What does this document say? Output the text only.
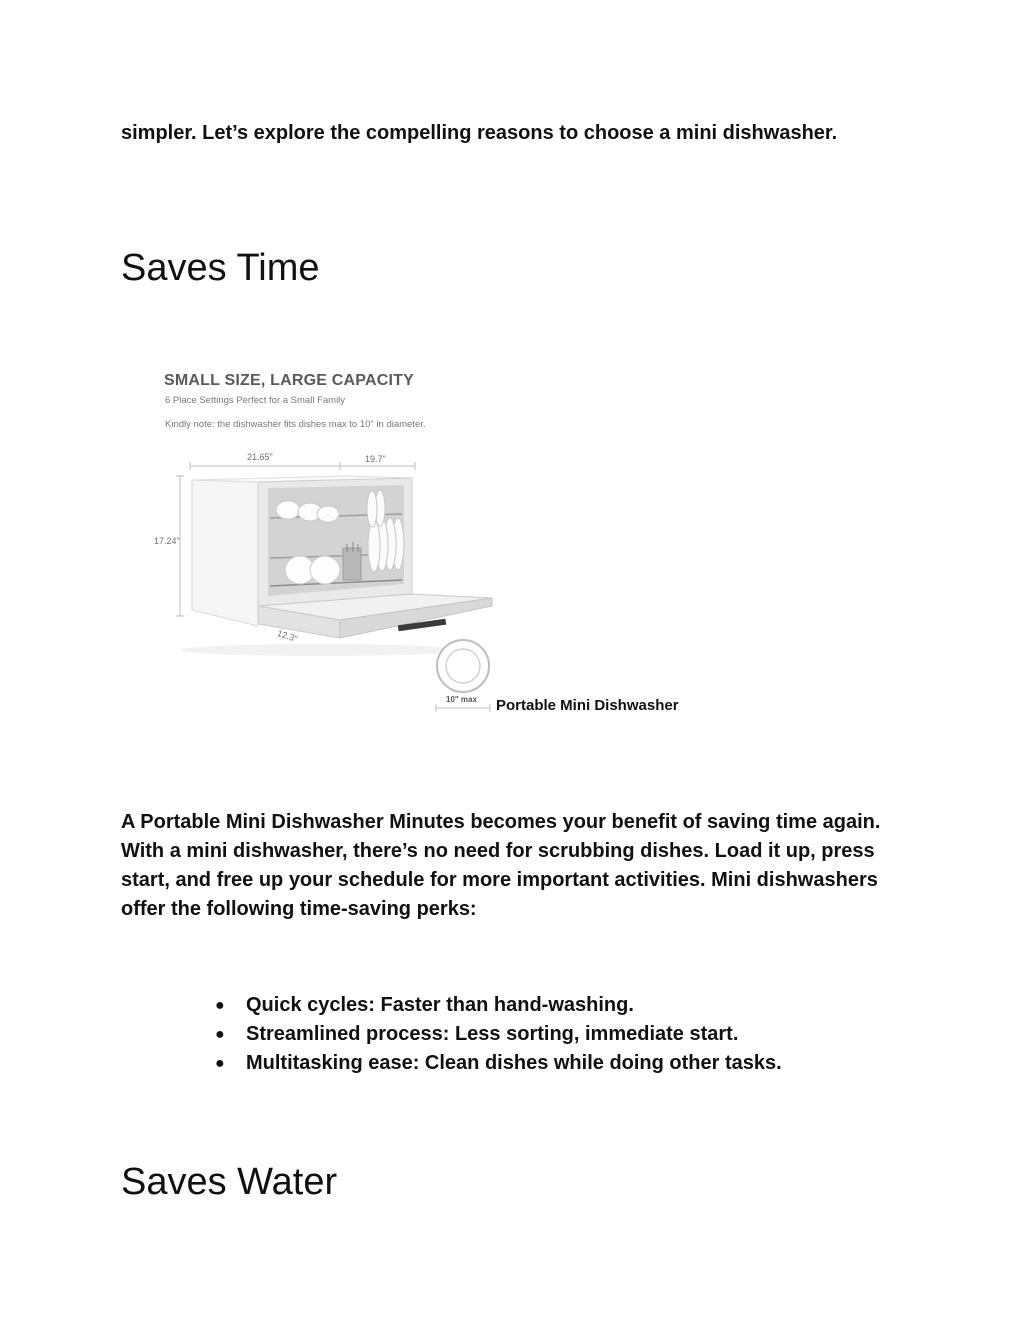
simpler. Let’s explore the compelling reasons to choose a mini dishwasher.

Saves Time
SMALL SIZE, LARGE CAPACITY
6 Place Settings Perfect for a Small Family
Kindly note: the dishwasher fits dishes max to 10" in diameter.
21.65"	19.7"
17.24"
12.3"
10" max Portable Mini Dishwasher

A Portable Mini Dishwasher Minutes becomes your benefit of saving time again. With a mini dishwasher, there’s no need for scrubbing dishes. Load it up, press start, and free up your schedule for more important activities. Mini dishwashers offer the following time-saving perks:

● Quick cycles: Faster than hand-washing.
● Streamlined process: Less sorting, immediate start.
● Multitasking ease: Clean dishes while doing other tasks.
Saves Water
